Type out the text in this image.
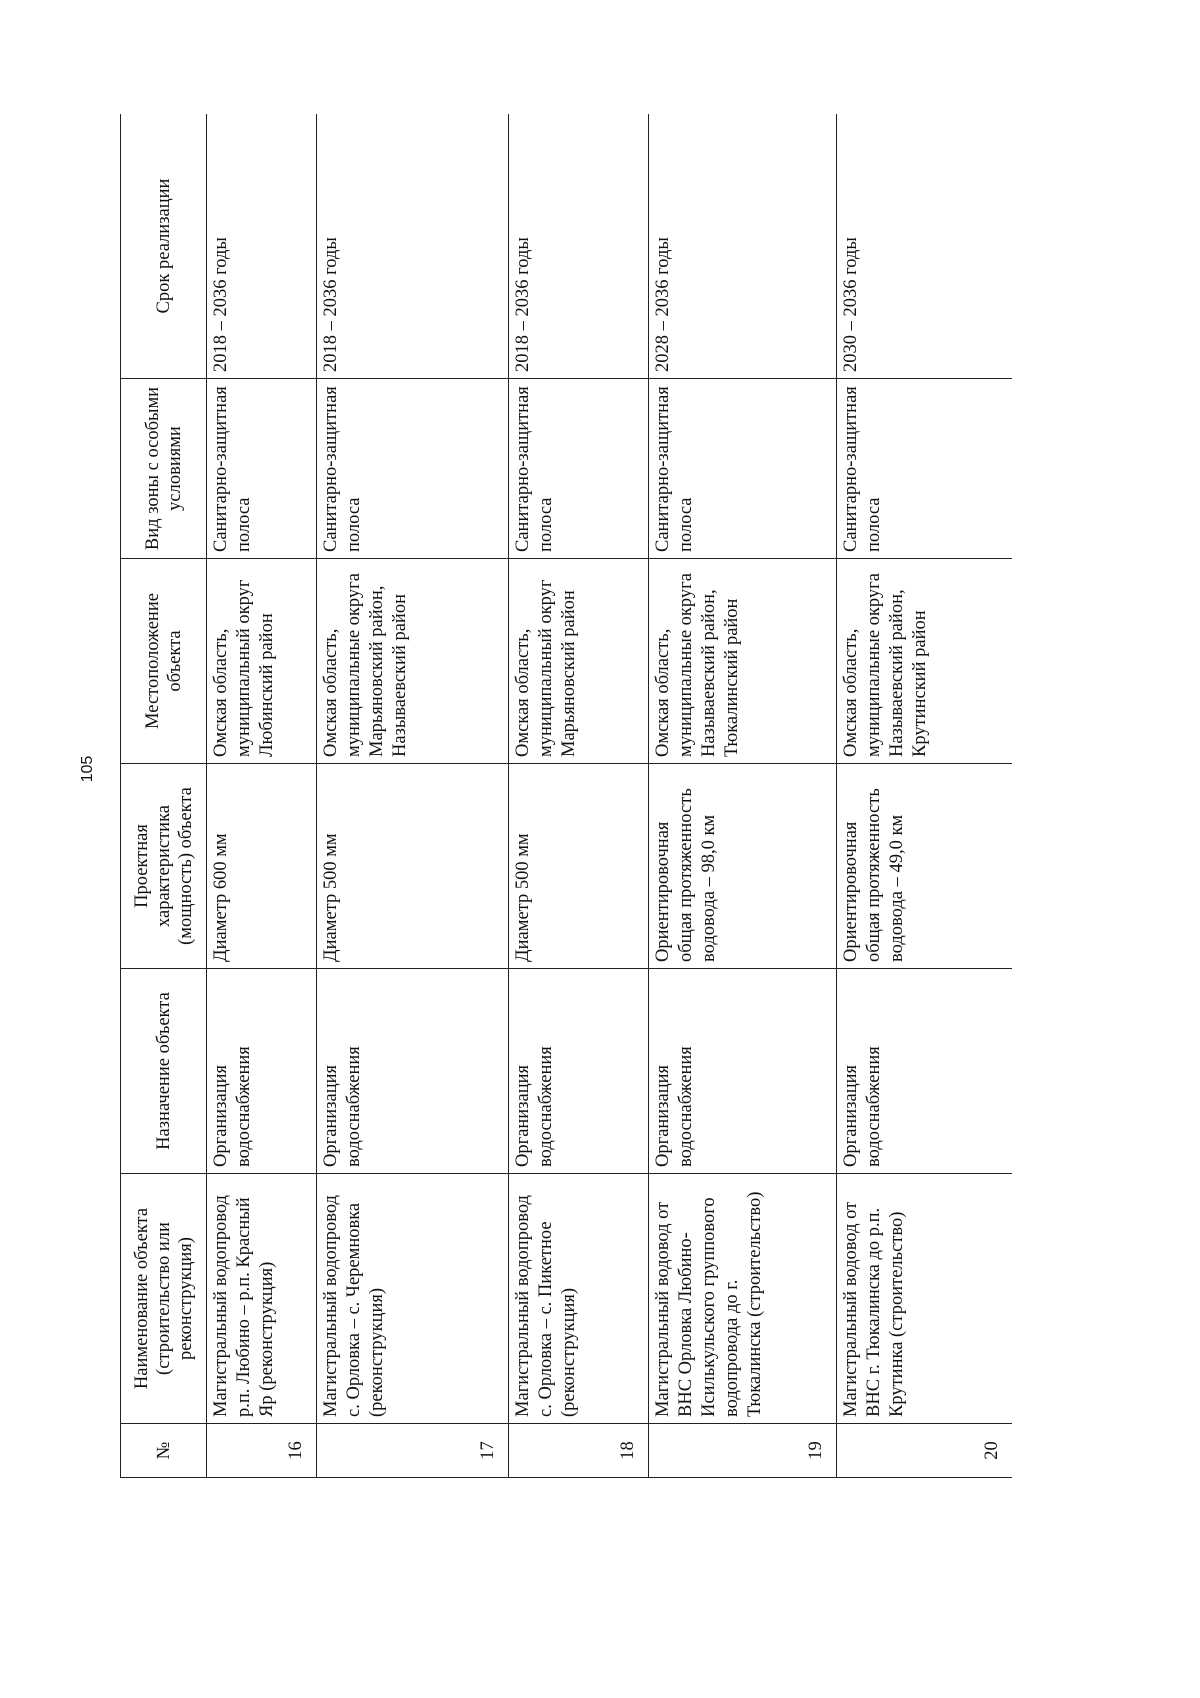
105
№	Наименование объекта (строительство или реконструкция)	Назначение объекта	Проектная характеристика (мощность) объекта	Местоположение объекта	Вид зоны с особыми условиями	Срок реализации
16	Магистральный водопровод р.п. Любино – р.п. Красный Яр (реконструкция)	Организация водоснабжения	Диаметр 600 мм	Омская область, муниципальный округ Любинский район	Санитарно-защитная полоса	2018 – 2036 годы
17	Магистральный водопровод с. Орловка – с. Черемновка (реконструкция)	Организация водоснабжения	Диаметр 500 мм	Омская область, муниципальные округа Марьяновский район, Называевский район	Санитарно-защитная полоса	2018 – 2036 годы
18	Магистральный водопровод с. Орловка – с. Пикетное (реконструкция)	Организация водоснабжения	Диаметр 500 мм	Омская область, муниципальный округ Марьяновский район	Санитарно-защитная полоса	2018 – 2036 годы
19	Магистральный водовод от ВНС Орловка Любино-Исилькульского группового водопровода до г. Тюкалинска (строительство)	Организация водоснабжения	Ориентировочная общая протяженность водовода – 98,0 км	Омская область, муниципальные округа Называевский район, Тюкалинский район	Санитарно-защитная полоса	2028 – 2036 годы
20	Магистральный водовод от ВНС г. Тюкалинска до р.п. Крутинка (строительство)	Организация водоснабжения	Ориентировочная общая протяженность водовода – 49,0 км	Омская область, муниципальные округа Называевский район, Крутинский район	Санитарно-защитная полоса	2030 – 2036 годы
